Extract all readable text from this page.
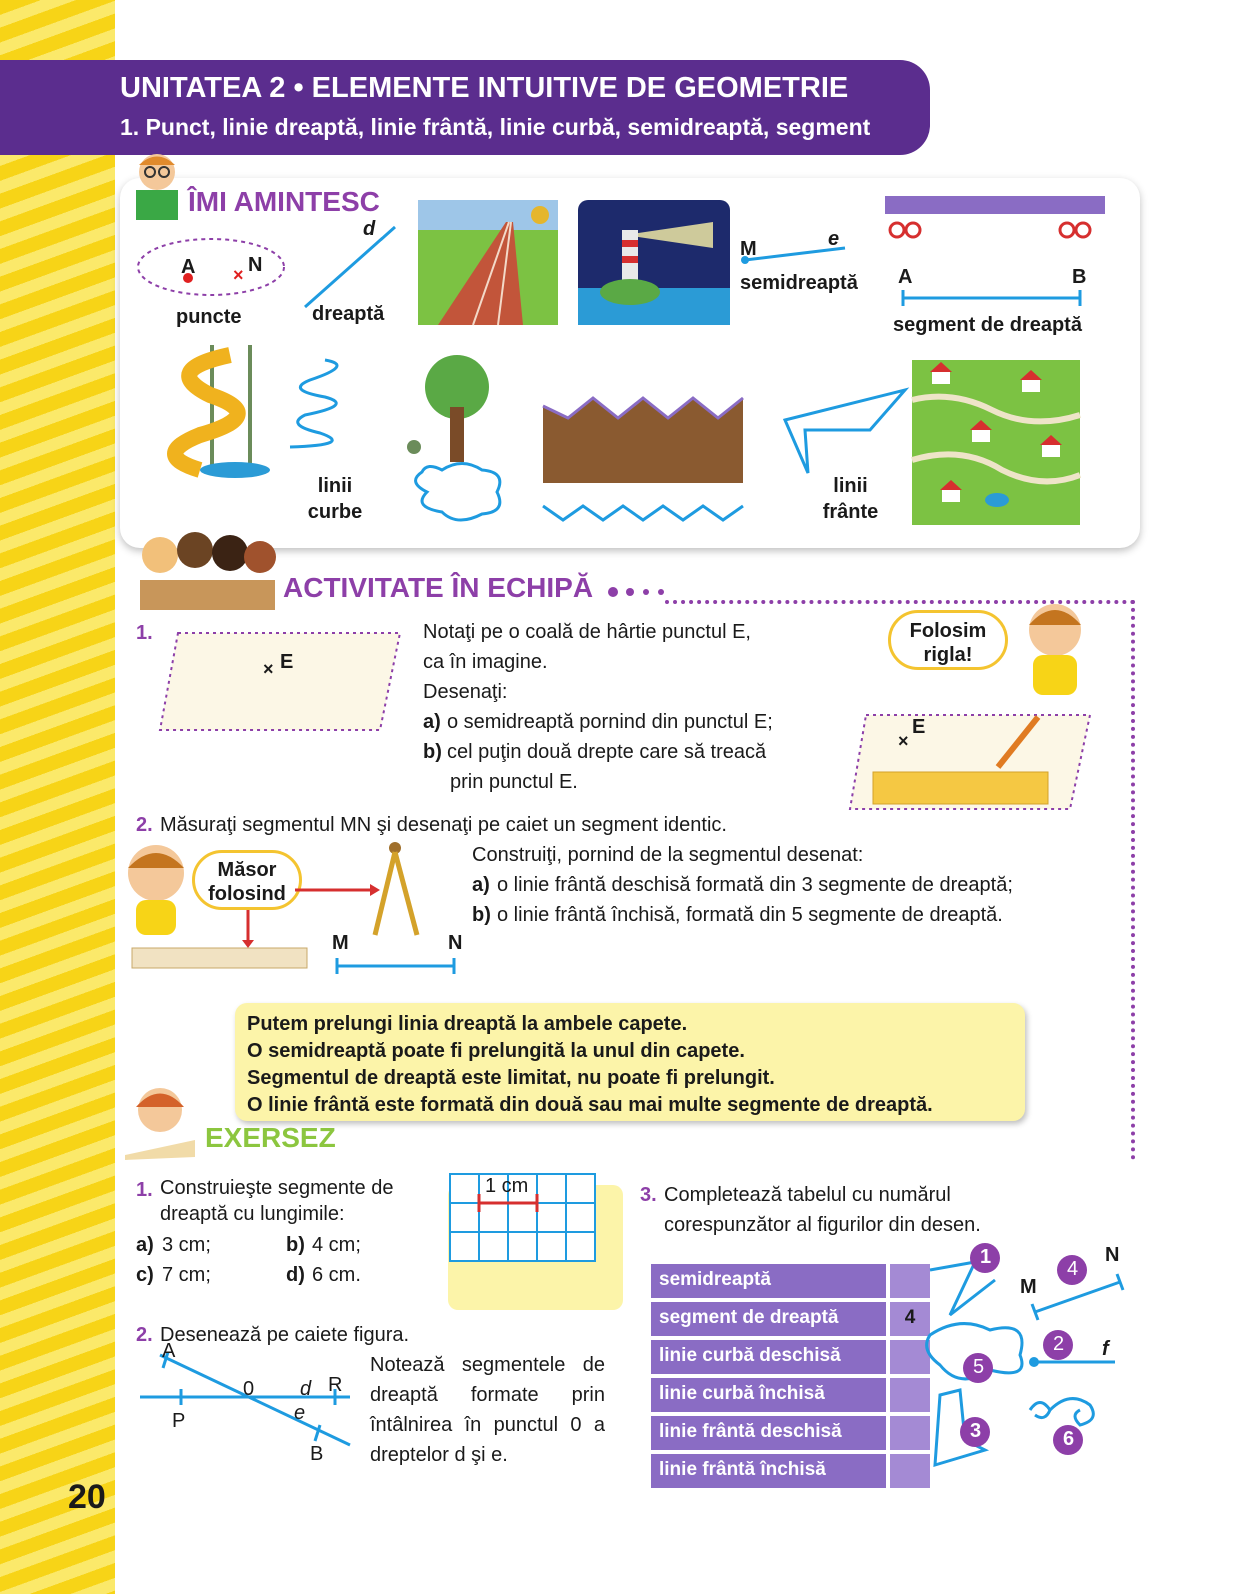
20
UNITATEA 2 • ELEMENTE INTUITIVE DE GEOMETRIE
1. Punct, linie dreaptă, linie frântă, linie curbă, semidreaptă, segment
ÎMI AMINTESC
×
A	N
puncte
d
dreaptă
M	e
semidreaptă A	B
segment de dreaptă
linii curbe
linii frânte
ACTIVITATE ÎN ECHIPĂ
1.
× E
Notaţi pe o coală de hârtie punctul E,
ca în imagine.
Desenaţi:
a) o semidreaptă pornind din punctul E;
b) cel puţin două drepte care să treacă
prin punctul E.
Folosim rigla!
×
E
2. Măsuraţi segmentul MN şi desenaţi pe caiet un segment identic.
Măsor folosind
M	N
Construiţi, pornind de la segmentul desenat:
a) o linie frântă deschisă formată din 3 segmente de dreaptă;
b) o linie frântă închisă, formată din 5 segmente de dreaptă.
Putem prelungi linia dreaptă la ambele capete.
O semidreaptă poate fi prelungită la unul din capete.
Segmentul de dreaptă este limitat, nu poate fi prelungit.
O linie frântă este formată din două sau mai multe segmente de dreaptă.
EXERSEZ
1. Construieşte segmente de dreaptă cu lungimile:
a) 3 cm;	b) 4 cm;
c) 7 cm;	d) 6 cm.
1 cm
2. Desenează pe caiete figura.
A
0 d R
P	e
B
Notează segmentele de dreaptă formate prin întâlnirea în punctul 0 a dreptelor d şi e.
3. Completează tabelul cu numărul corespunzător al figurilor din desen.
semidreaptă
segment de dreaptă	4
linie curbă deschisă
linie curbă închisă
linie frântă deschisă
linie frântă închisă
1
4
5
2
3	6
M
N
f
